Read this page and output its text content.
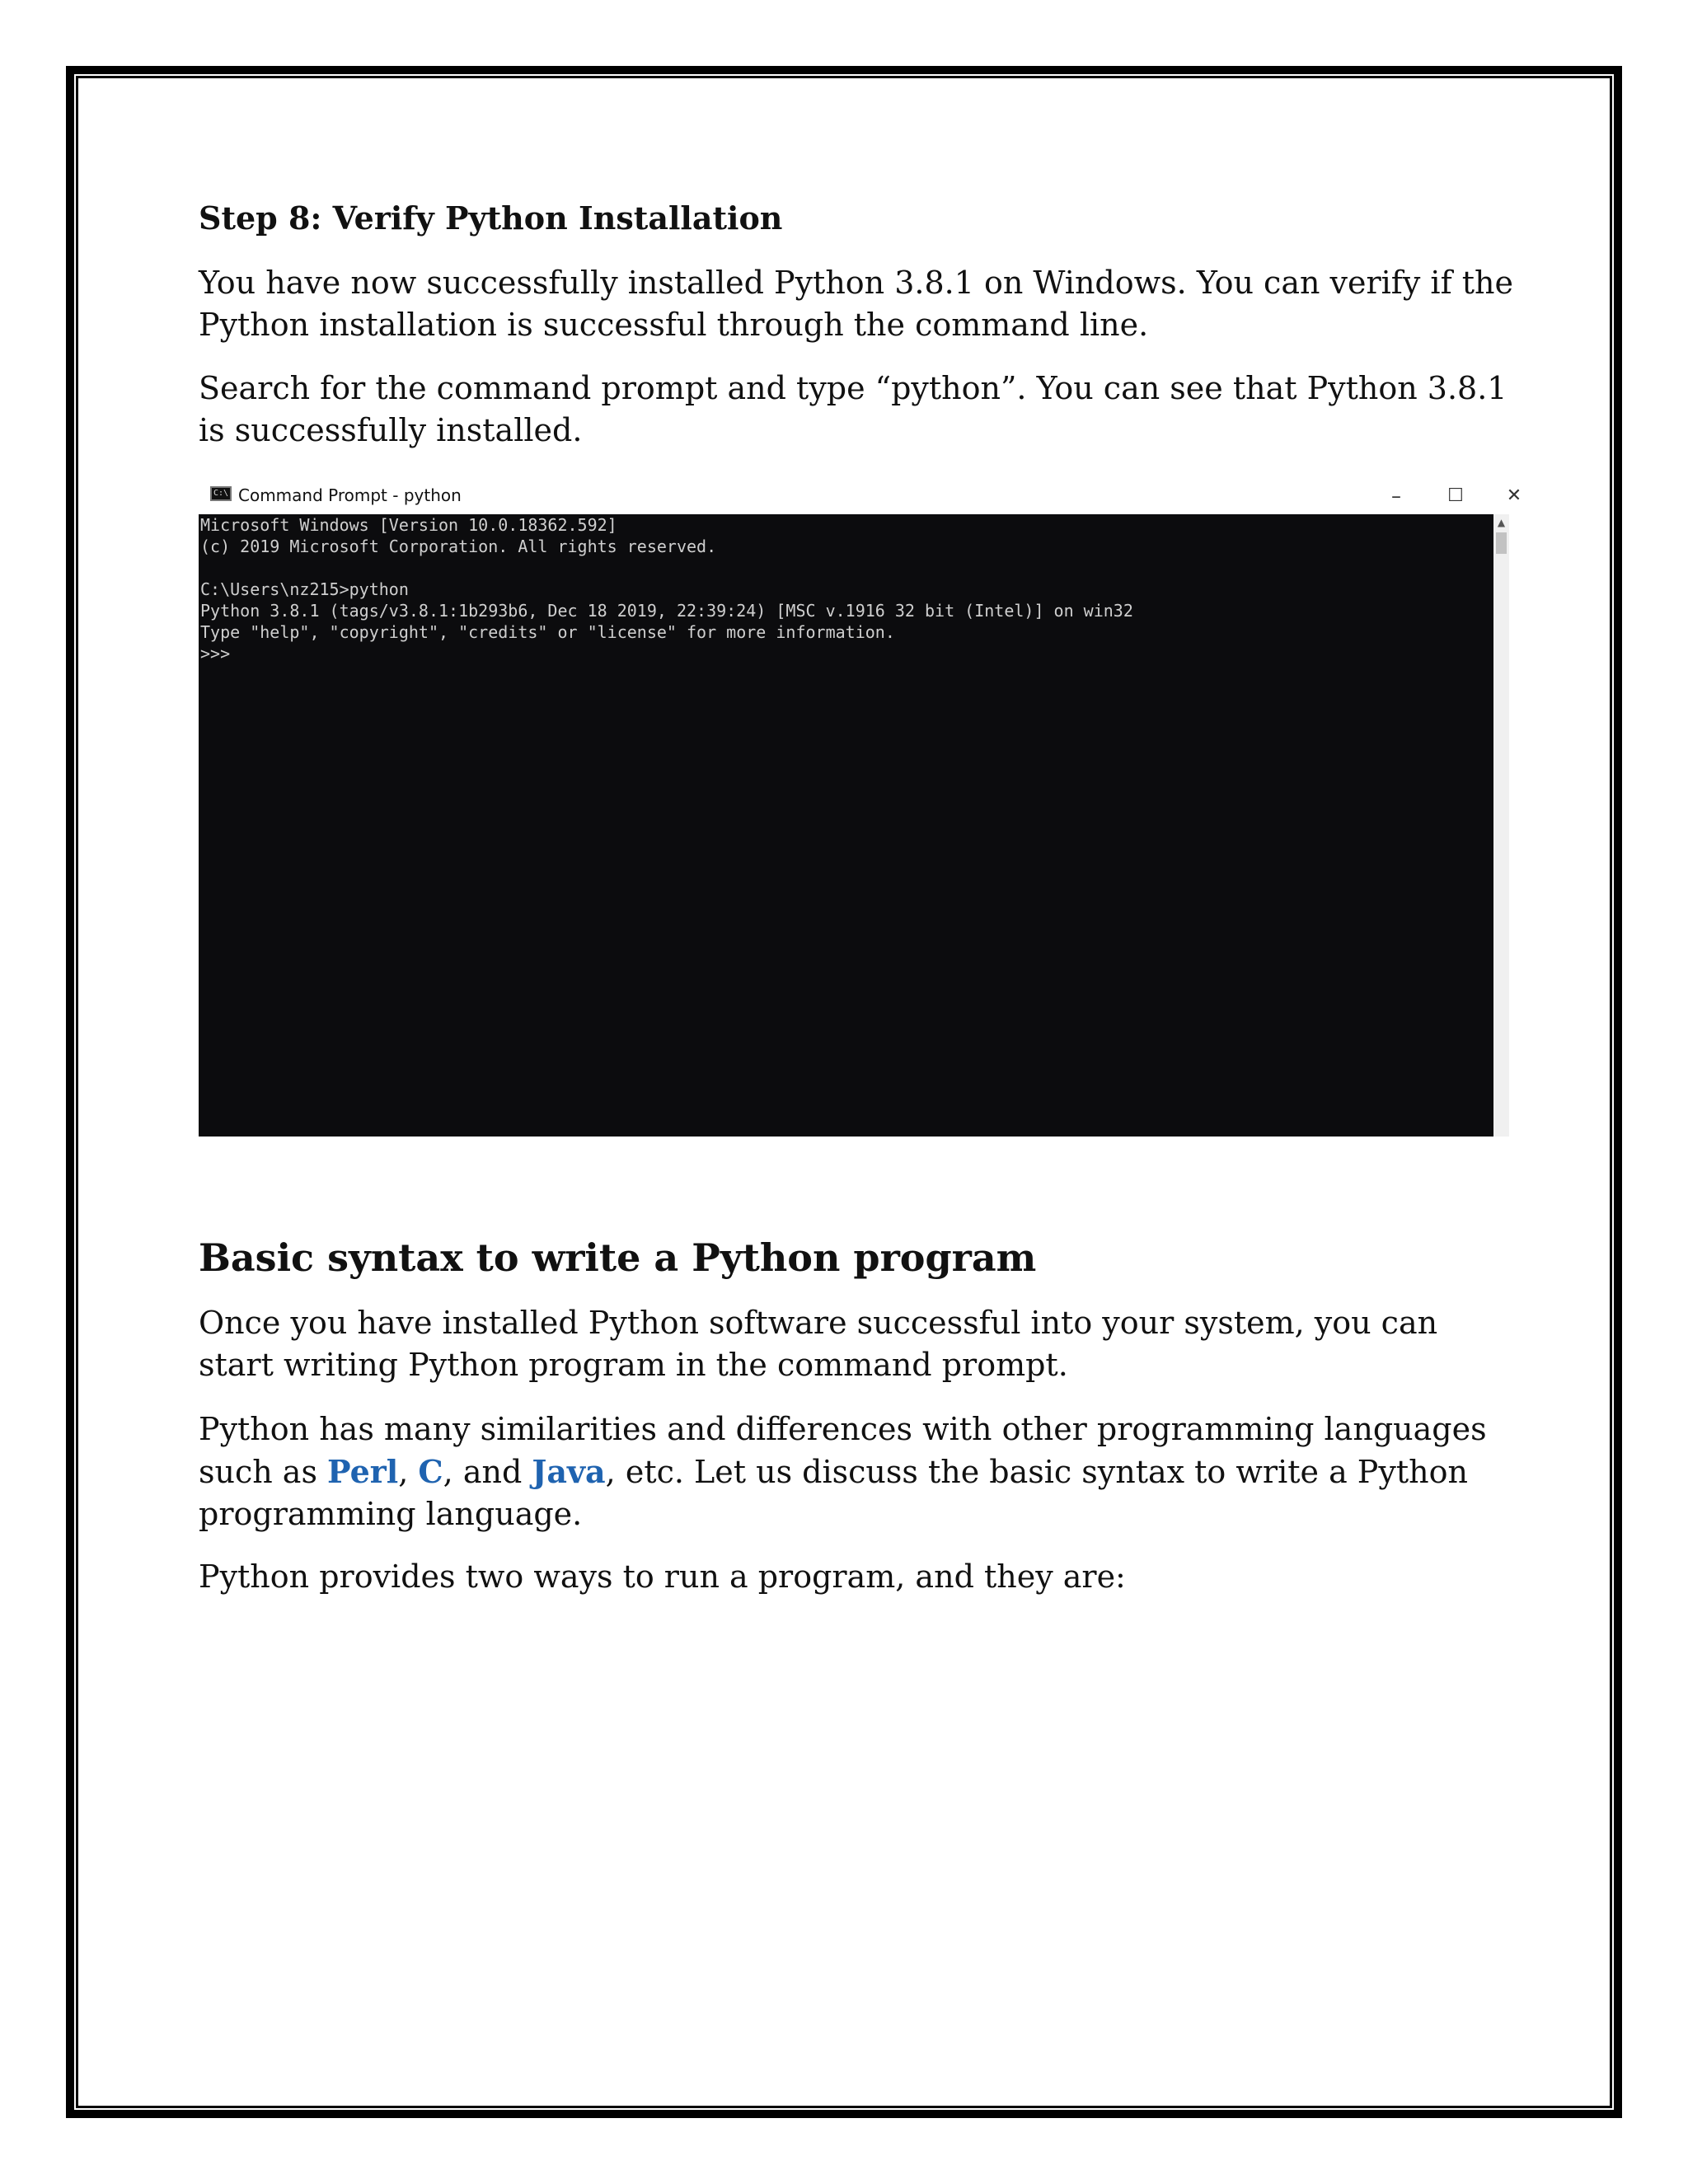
Step 8: Verify Python Installation
You have now successfully installed Python 3.8.1 on Windows. You can verify if the Python installation is successful through the command line.
Search for the command prompt and type “python”. You can see that Python 3.8.1 is successfully installed.
Basic syntax to write a Python program
Once you have installed Python software successful into your system, you can start writing Python program in the command prompt.
Python has many similarities and differences with other programming languages such as Perl, C, and Java, etc. Let us discuss the basic syntax to write a Python programming language.
Python provides two ways to run a program, and they are:
C:\ Command Prompt - python	–	☐	✕
Microsoft Windows [Version 10.0.18362.592]
(c) 2019 Microsoft Corporation. All rights reserved.
C:\Users\nz215>python
Python 3.8.1 (tags/v3.8.1:1b293b6, Dec 18 2019, 22:39:24) [MSC v.1916 32 bit (Intel)] on win32
Type "help", "copyright", "credits" or "license" for more information.
>>>
▲
